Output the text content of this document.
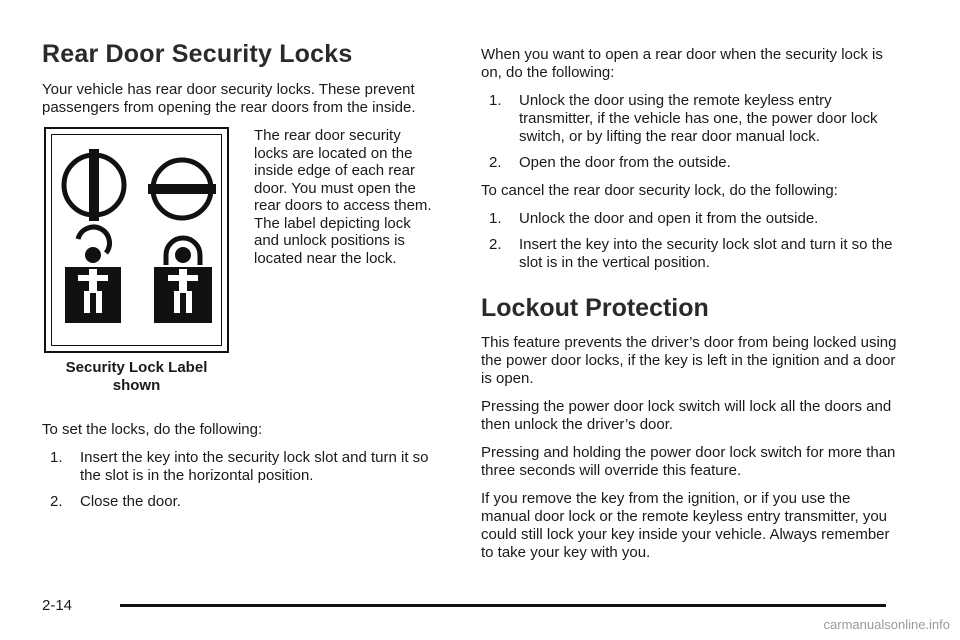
Rear Door Security Locks

Your vehicle has rear door security locks. These prevent passengers from opening the rear doors from the inside.

Security Lock Label shown
The rear door security locks are located on the inside edge of each rear door. You must open the rear doors to access them. The label depicting lock and unlock positions is located near the lock.

To set the locks, do the following:

1. Insert the key into the security lock slot and turn it so the slot is in the horizontal position.
2. Close the door.

When you want to open a rear door when the security lock is on, do the following:

1. Unlock the door using the remote keyless entry transmitter, if the vehicle has one, the power door lock switch, or by lifting the rear door manual lock.
2. Open the door from the outside.

To cancel the rear door security lock, do the following:

1. Unlock the door and open it from the outside.
2. Insert the key into the security lock slot and turn it so the slot is in the vertical position.
Lockout Protection

This feature prevents the driver’s door from being locked using the power door locks, if the key is left in the ignition and a door is open.

Pressing the power door lock switch will lock all the doors and then unlock the driver’s door.

Pressing and holding the power door lock switch for more than three seconds will override this feature.

If you remove the key from the ignition, or if you use the manual door lock or the remote keyless entry transmitter, you could still lock your key inside your vehicle. Always remember to take your key with you.

2-14
carmanualsonline.info
